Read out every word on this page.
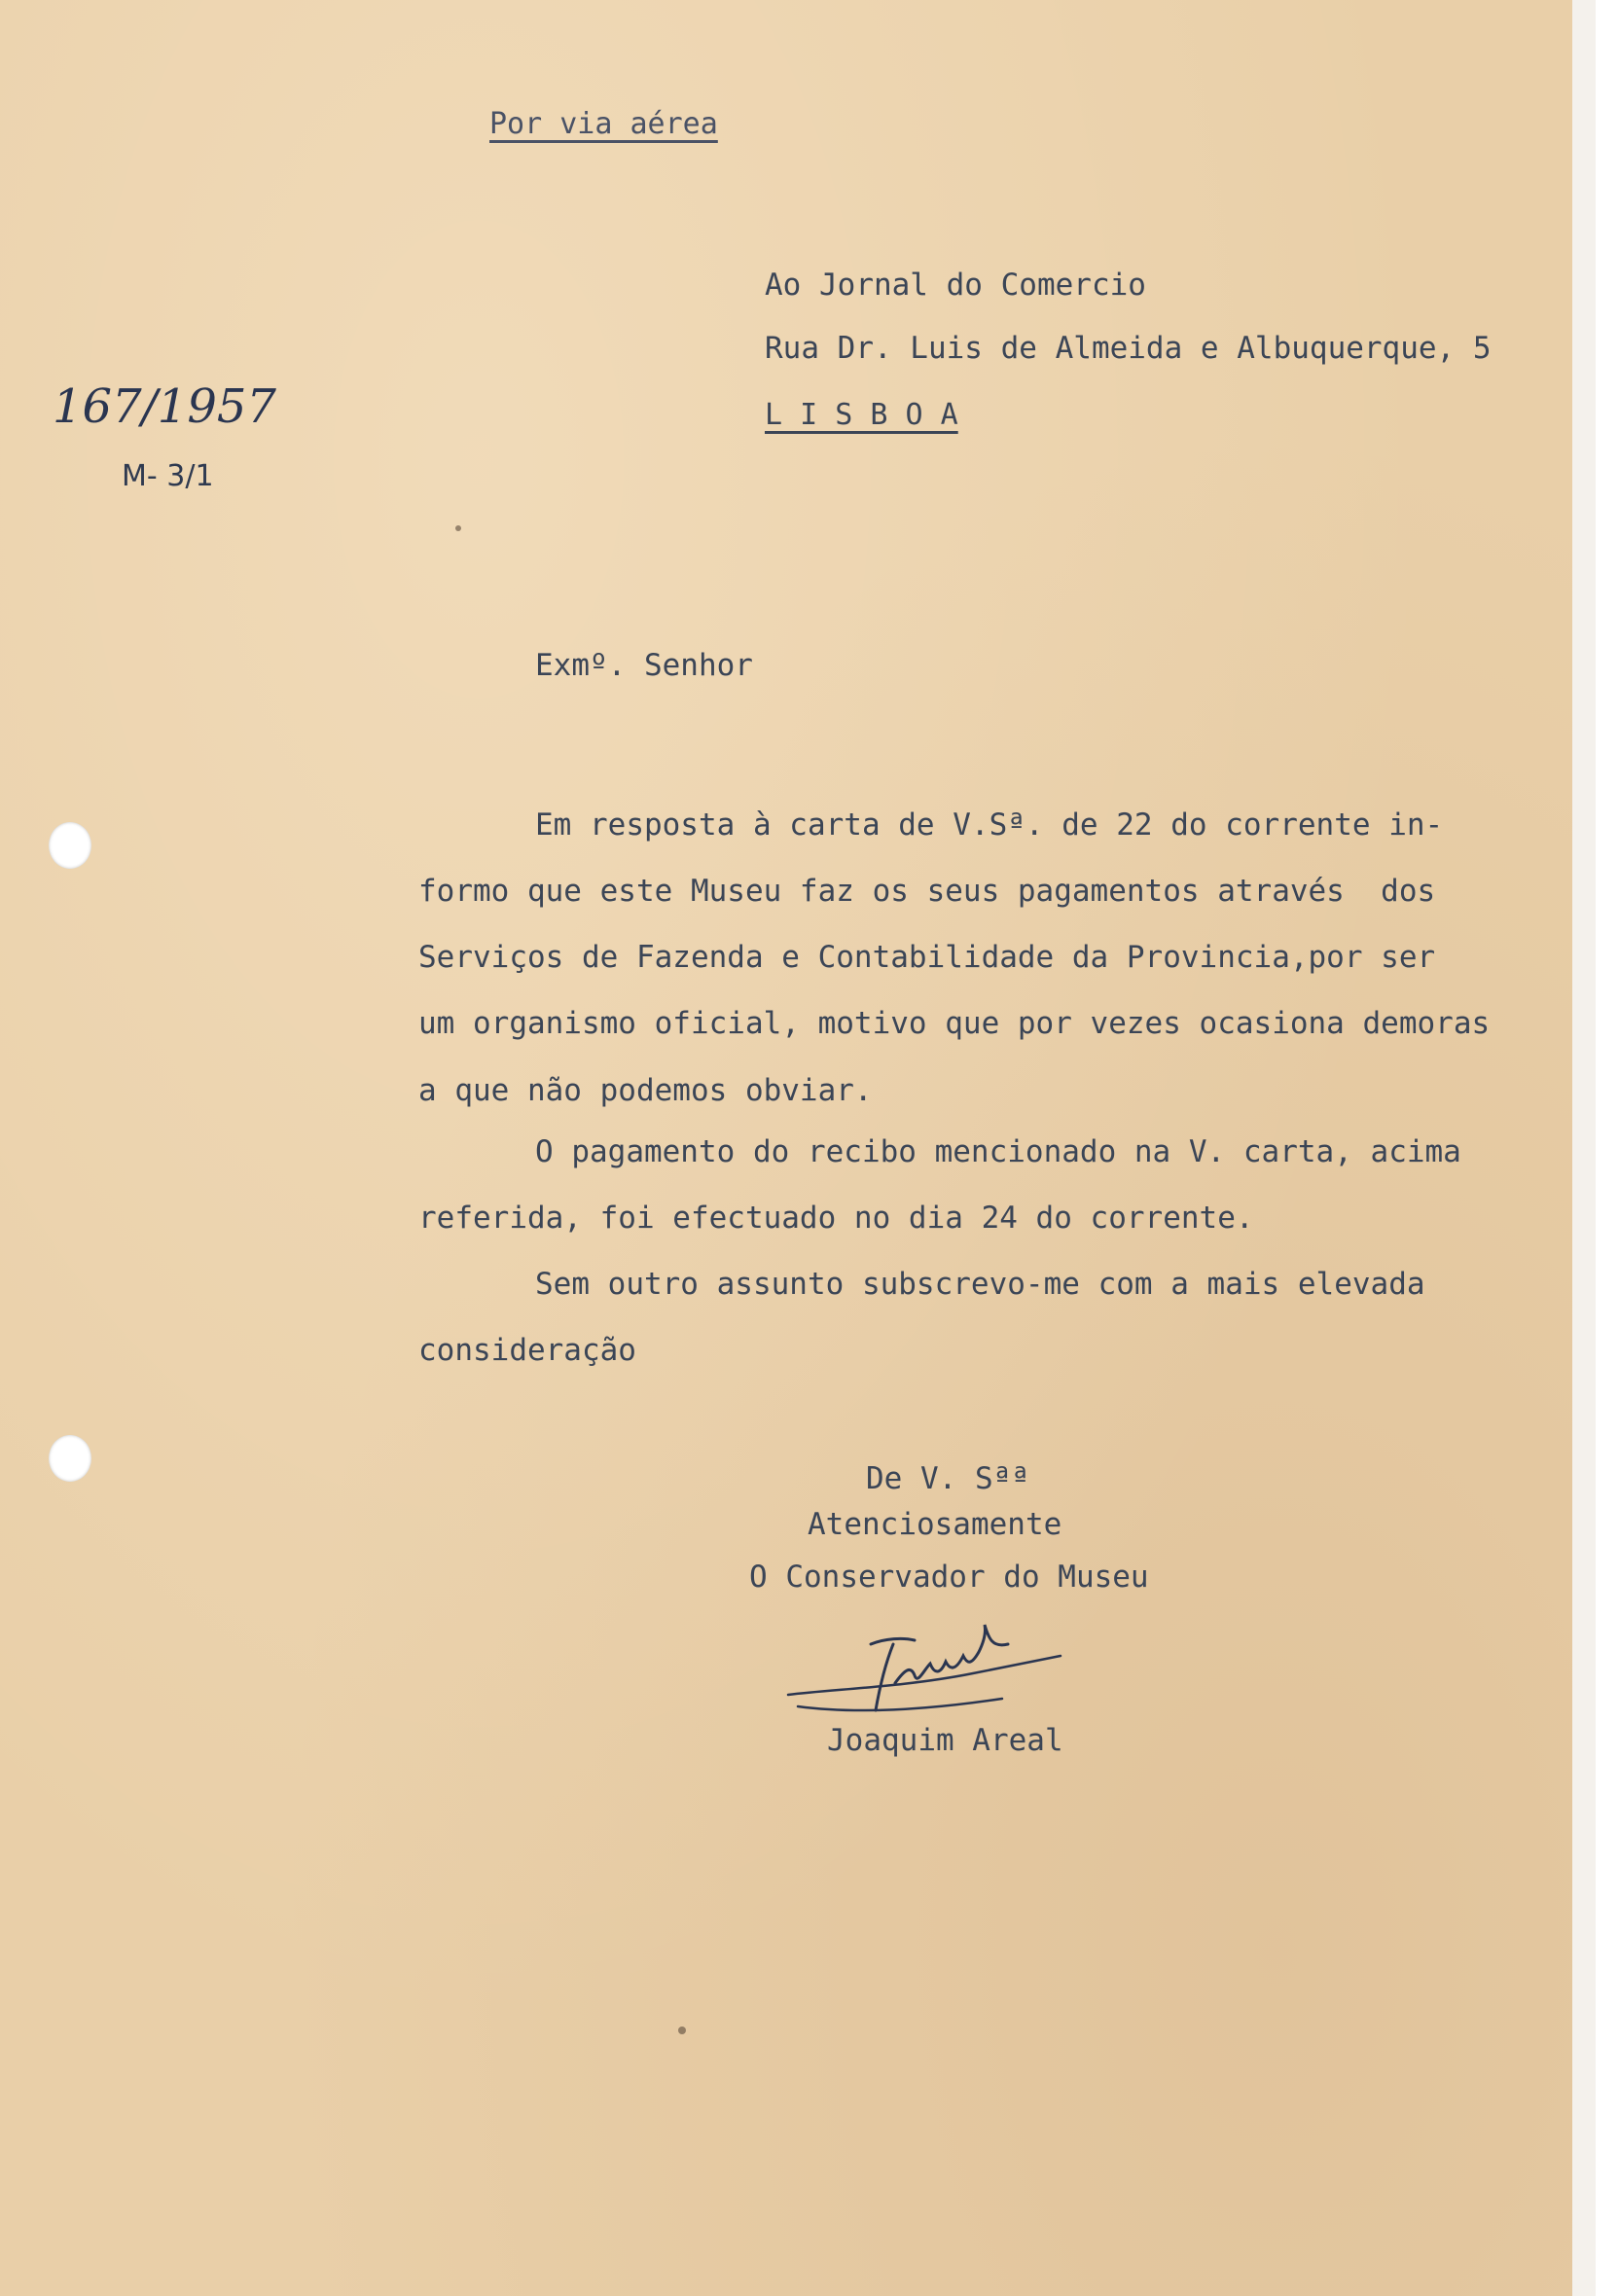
Por via aérea
167/1957
M- 3/1
Ao Jornal do Comercio
Rua Dr. Luis de Almeida e Albuquerque, 5
L I S B O A
Exmº. Senhor
Em resposta à carta de V.Sª. de 22 do corrente in-
formo que este Museu faz os seus pagamentos através  dos
Serviços de Fazenda e Contabilidade da Provincia,por ser
um organismo oficial, motivo que por vezes ocasiona demoras
a que não podemos obviar.
O pagamento do recibo mencionado na V. carta, acima
referida, foi efectuado no dia 24 do corrente.
Sem outro assunto subscrevo-me com a mais elevada
consideração
De V. Sªª
Atenciosamente
O Conservador do Museu
Joaquim Areal
